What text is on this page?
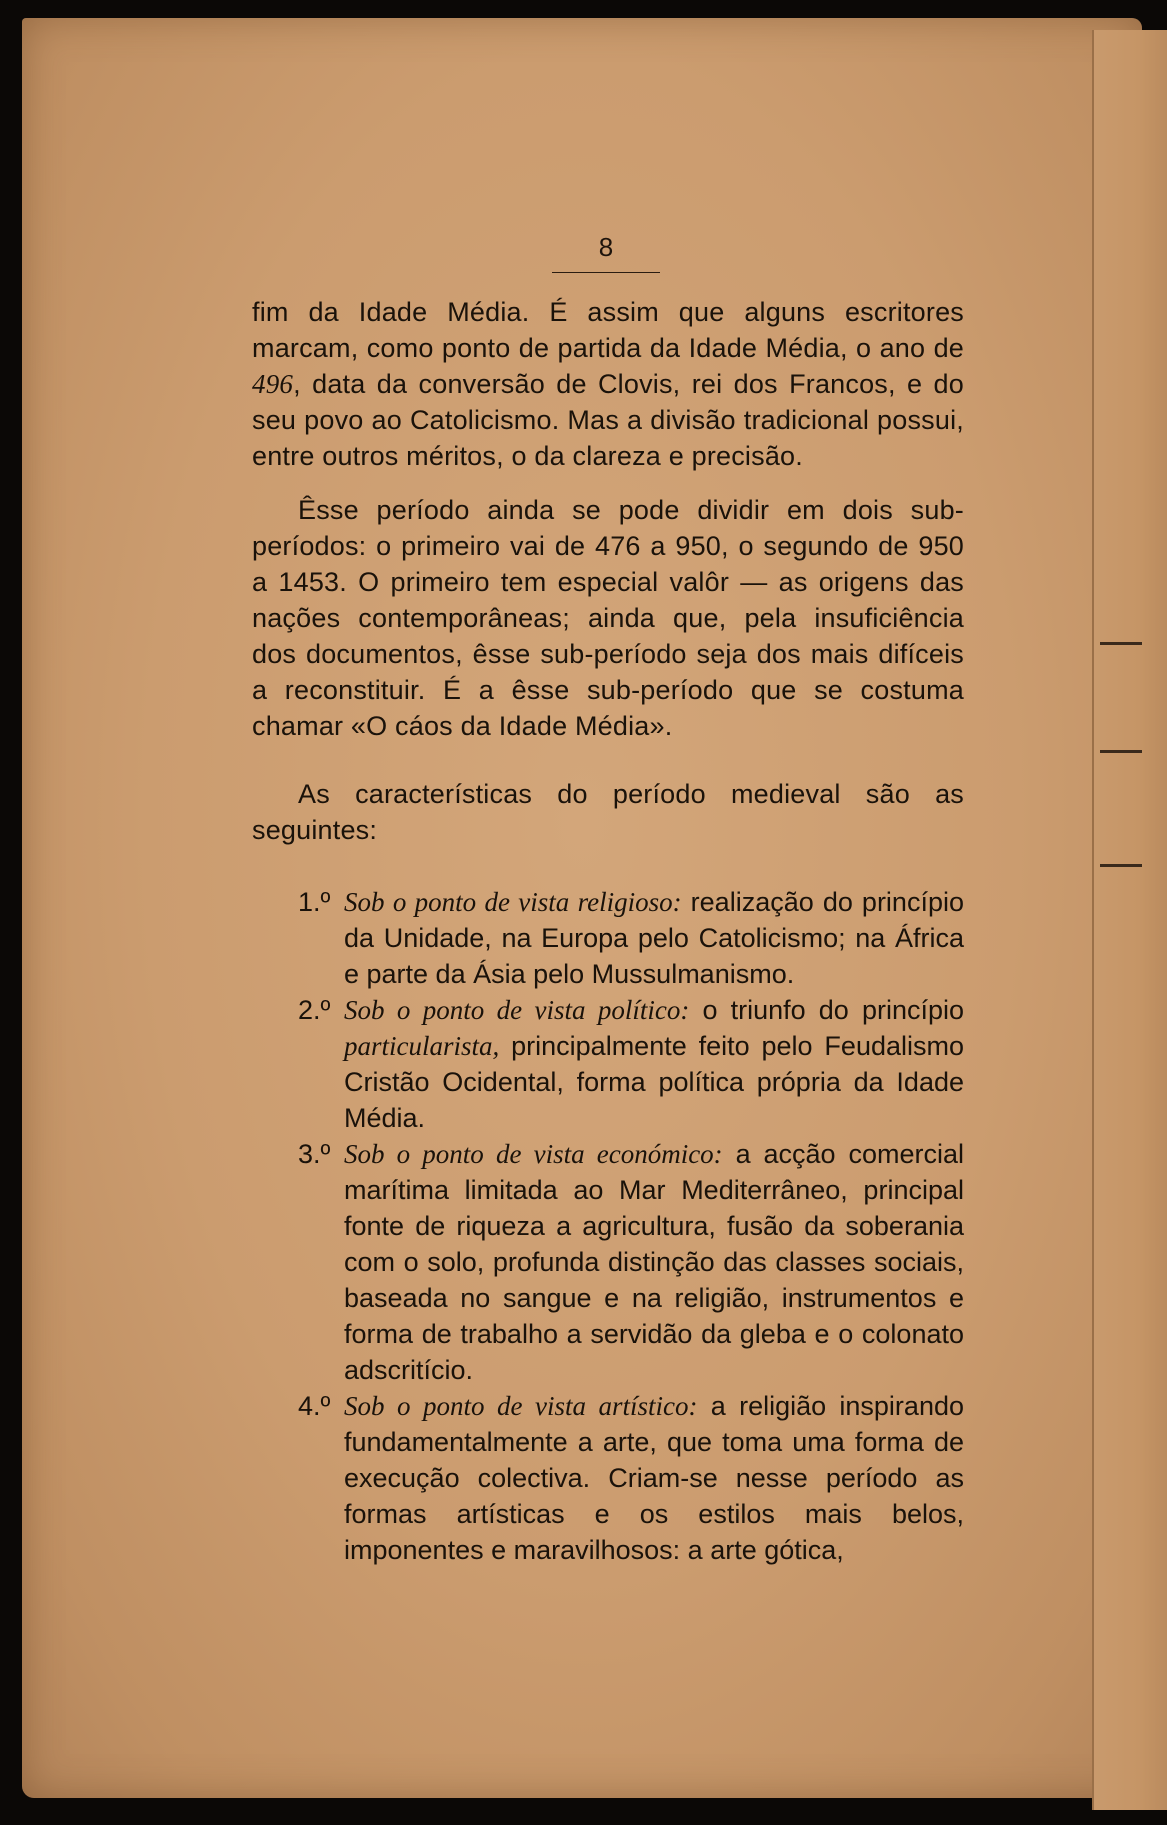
8

fim da Idade Média. É assim que alguns escritores marcam, como ponto de partida da Idade Média, o ano de 496, data da conversão de Clovis, rei dos Francos, e do seu povo ao Catolicismo. Mas a divisão tradicional possui, entre outros méritos, o da clareza e precisão.

Êsse período ainda se pode dividir em dois sub-períodos: o primeiro vai de 476 a 950, o segundo de 950 a 1453. O primeiro tem especial valôr — as origens das nações contemporâneas; ainda que, pela insuficiência dos documentos, êsse sub-período seja dos mais difíceis a reconstituir. É a êsse sub-período que se costuma chamar «O cáos da Idade Média».

As características do período medieval são as seguintes:

1.º Sob o ponto de vista religioso: realização do princípio da Unidade, na Europa pelo Catolicismo; na África e parte da Ásia pelo Mussulmanismo.
2.º Sob o ponto de vista político: o triunfo do princípio particularista, principalmente feito pelo Feudalismo Cristão Ocidental, forma política própria da Idade Média.
3.º Sob o ponto de vista económico: a acção comercial marítima limitada ao Mar Mediterrâneo, principal fonte de riqueza a agricultura, fusão da soberania com o solo, profunda distinção das classes sociais, baseada no sangue e na religião, instrumentos e forma de trabalho a servidão da gleba e o colonato adscritício.
4.º Sob o ponto de vista artístico: a religião inspirando fundamentalmente a arte, que toma uma forma de execução colectiva. Criam-se nesse período as formas artísticas e os estilos mais belos, imponentes e maravilhosos: a arte gótica,
